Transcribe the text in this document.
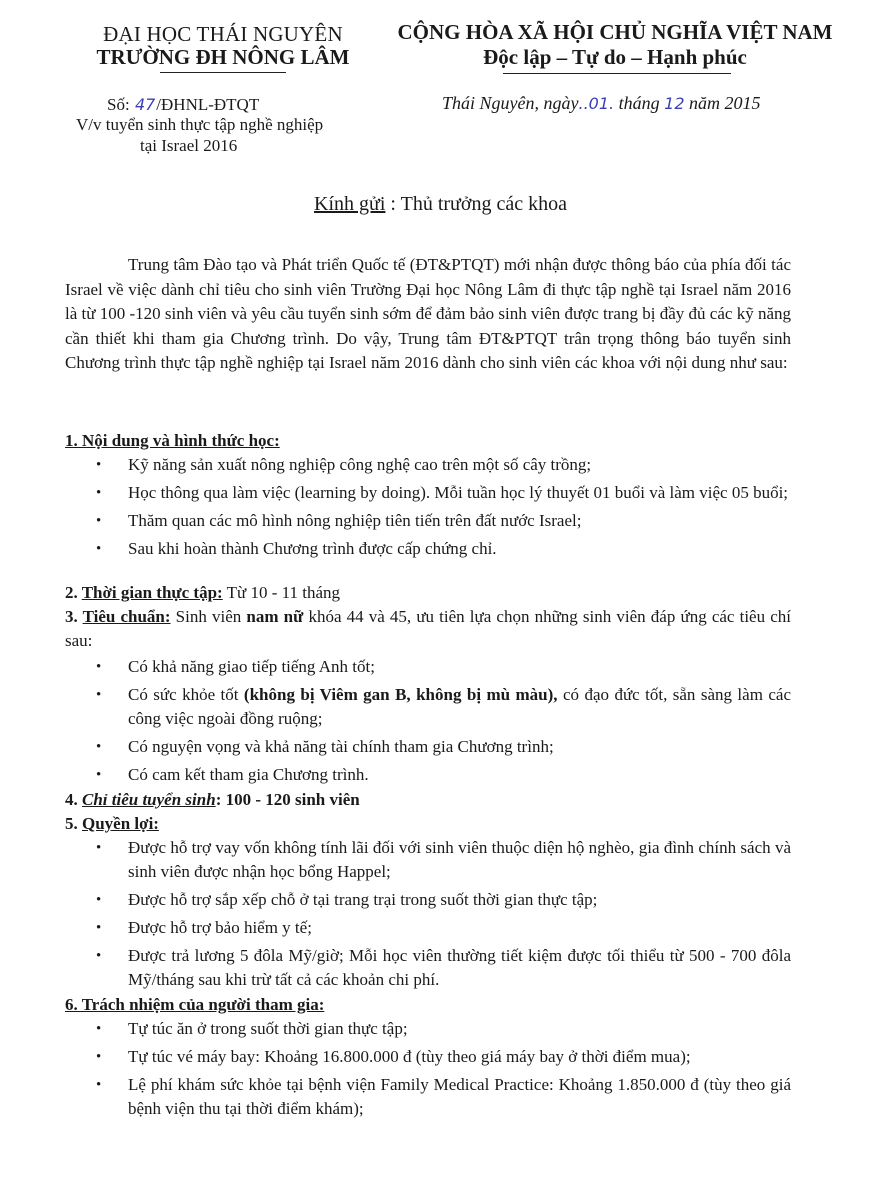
ĐẠI HỌC THÁI NGUYÊN
TRƯỜNG ĐH NÔNG LÂM
CỘNG HÒA XÃ HỘI CHỦ NGHĨA VIỆT NAM
Độc lập – Tự do – Hạnh phúc
Số: 47/ĐHNL-ĐTQT
V/v tuyển sinh thực tập nghề nghiệp
tại Israel 2016
Thái Nguyên, ngày..01. tháng 12 năm 2015
Kính gửi : Thủ trưởng các khoa

Trung tâm Đào tạo và Phát triển Quốc tế (ĐT&PTQT) mới nhận được thông báo của phía đối tác Israel về việc dành chỉ tiêu cho sinh viên Trường Đại học Nông Lâm đi thực tập nghề tại Israel năm 2016 là từ 100 -120 sinh viên và yêu cầu tuyển sinh sớm để đảm bảo sinh viên được trang bị đầy đủ các kỹ năng cần thiết khi tham gia Chương trình. Do vậy, Trung tâm ĐT&PTQT trân trọng thông báo tuyển sinh Chương trình thực tập nghề nghiệp tại Israel năm 2016 dành cho sinh viên các khoa với nội dung như sau:

1. Nội dung và hình thức học:
• Kỹ năng sản xuất nông nghiệp công nghệ cao trên một số cây trồng;
• Học thông qua làm việc (learning by doing). Mỗi tuần học lý thuyết 01 buổi và làm việc 05 buổi;
• Thăm quan các mô hình nông nghiệp tiên tiến trên đất nước Israel;
• Sau khi hoàn thành Chương trình được cấp chứng chỉ.
2. Thời gian thực tập: Từ 10 - 11 tháng
3. Tiêu chuẩn: Sinh viên nam nữ khóa 44 và 45, ưu tiên lựa chọn những sinh viên đáp ứng các tiêu chí sau:
• Có khả năng giao tiếp tiếng Anh tốt;
• Có sức khỏe tốt (không bị Viêm gan B, không bị mù màu), có đạo đức tốt, sẵn sàng làm các công việc ngoài đồng ruộng;
• Có nguyện vọng và khả năng tài chính tham gia Chương trình;
• Có cam kết tham gia Chương trình.
4. Chỉ tiêu tuyển sinh: 100 - 120 sinh viên
5. Quyền lợi:
• Được hỗ trợ vay vốn không tính lãi đối với sinh viên thuộc diện hộ nghèo, gia đình chính sách và sinh viên được nhận học bổng Happel;
• Được hỗ trợ sắp xếp chỗ ở tại trang trại trong suốt thời gian thực tập;
• Được hỗ trợ bảo hiểm y tế;
• Được trả lương 5 đôla Mỹ/giờ; Mỗi học viên thường tiết kiệm được tối thiểu từ 500 - 700 đôla Mỹ/tháng sau khi trừ tất cả các khoản chi phí.
6. Trách nhiệm của người tham gia:
• Tự túc ăn ở trong suốt thời gian thực tập;
• Tự túc vé máy bay: Khoảng 16.800.000 đ (tùy theo giá máy bay ở thời điểm mua);
• Lệ phí khám sức khỏe tại bệnh viện Family Medical Practice: Khoảng 1.850.000 đ (tùy theo giá bệnh viện thu tại thời điểm khám);
